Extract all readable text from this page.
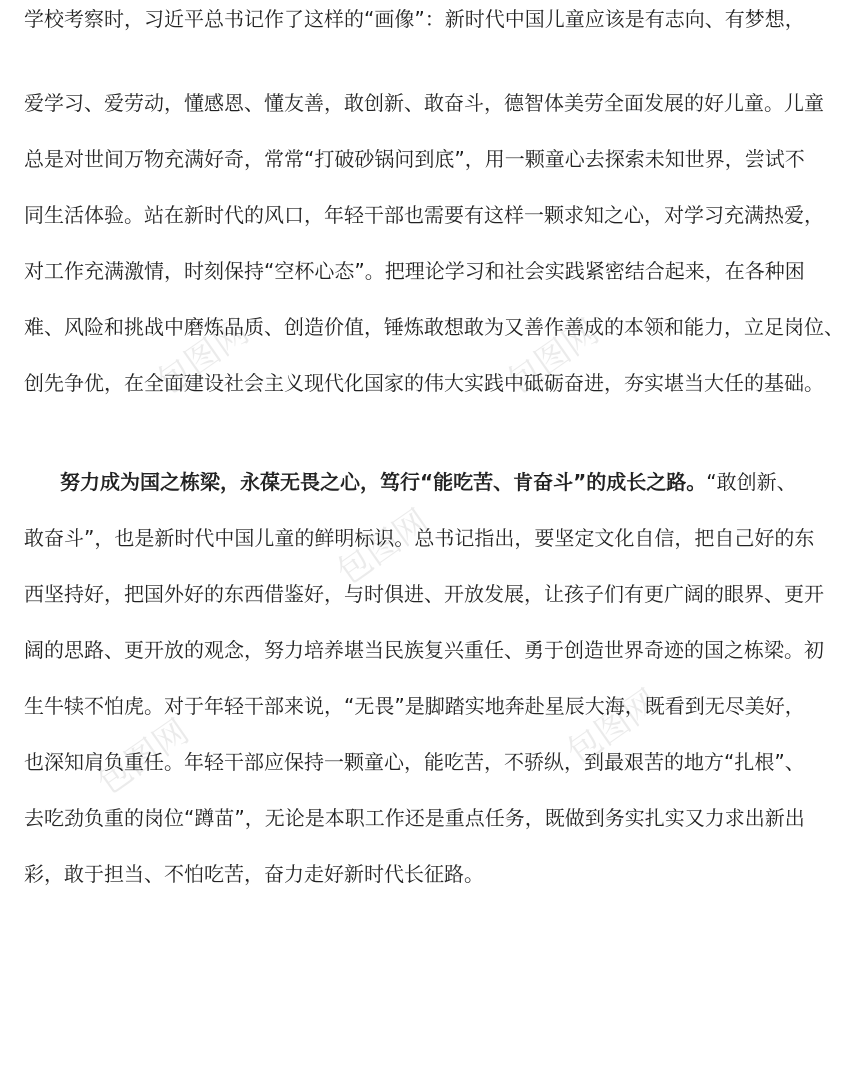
包图网	包图网
包图网
包图网	包图网
学校考察时，习近平总书记作了这样的“画像”：新时代中国儿童应该是有志向、有梦想，
爱学习、爱劳动，懂感恩、懂友善，敢创新、敢奋斗，德智体美劳全面发展的好儿童。儿童
总是对世间万物充满好奇，常常“打破砂锅问到底”，用一颗童心去探索未知世界，尝试不
同生活体验。站在新时代的风口，年轻干部也需要有这样一颗求知之心，对学习充满热爱，
对工作充满激情，时刻保持“空杯心态”。把理论学习和社会实践紧密结合起来，在各种困
难、风险和挑战中磨炼品质、创造价值，锤炼敢想敢为又善作善成的本领和能力，立足岗位、
创先争优，在全面建设社会主义现代化国家的伟大实践中砥砺奋进，夯实堪当大任的基础。
努力成为国之栋梁，永葆无畏之心，笃行“能吃苦、肯奋斗”的成长之路。“敢创新、
敢奋斗”，也是新时代中国儿童的鲜明标识。总书记指出，要坚定文化自信，把自己好的东
西坚持好，把国外好的东西借鉴好，与时俱进、开放发展，让孩子们有更广阔的眼界、更开
阔的思路、更开放的观念，努力培养堪当民族复兴重任、勇于创造世界奇迹的国之栋梁。初
生牛犊不怕虎。对于年轻干部来说，“无畏”是脚踏实地奔赴星辰大海，既看到无尽美好，
也深知肩负重任。年轻干部应保持一颗童心，能吃苦，不骄纵，到最艰苦的地方“扎根”、
去吃劲负重的岗位“蹲苗”，无论是本职工作还是重点任务，既做到务实扎实又力求出新出
彩，敢于担当、不怕吃苦，奋力走好新时代长征路。
